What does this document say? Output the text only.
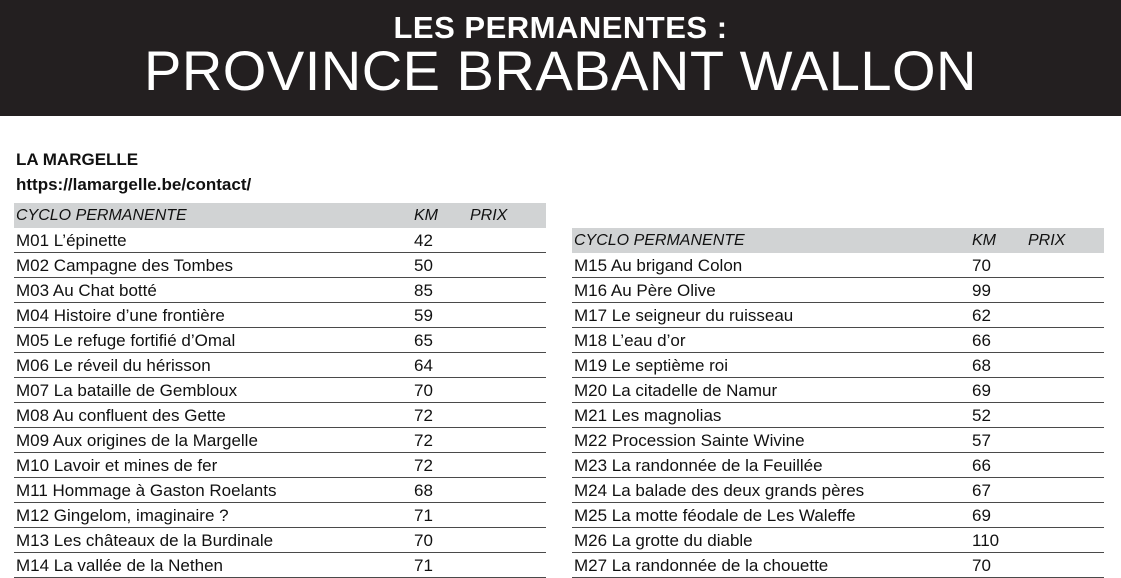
LES PERMANENTES :
PROVINCE BRABANT WALLON
LA MARGELLE
https://lamargelle.be/contact/
CYCLO PERMANENTE	KM PRIX
M01 L’épinette	42
M02 Campagne des Tombes	50
M03 Au Chat botté	85
M04 Histoire d’une frontière	59
M05 Le refuge fortifié d’Omal	65
M06 Le réveil du hérisson	64
M07 La bataille de Gembloux	70
M08 Au confluent des Gette	72
M09 Aux origines de la Margelle	72
M10 Lavoir et mines de fer	72
M11 Hommage à Gaston Roelants	68
M12 Gingelom, imaginaire ?	71
M13 Les châteaux de la Burdinale	70
M14 La vallée de la Nethen	71
CYCLO PERMANENTE	KM PRIX
M15 Au brigand Colon	70
M16 Au Père Olive	99
M17 Le seigneur du ruisseau	62
M18 L’eau d’or	66
M19 Le septième roi	68
M20 La citadelle de Namur	69
M21 Les magnolias	52
M22 Procession Sainte Wivine	57
M23 La randonnée de la Feuillée	66
M24 La balade des deux grands pères	67
M25 La motte féodale de Les Waleffe	69
M26 La grotte du diable	110
M27 La randonnée de la chouette	70
